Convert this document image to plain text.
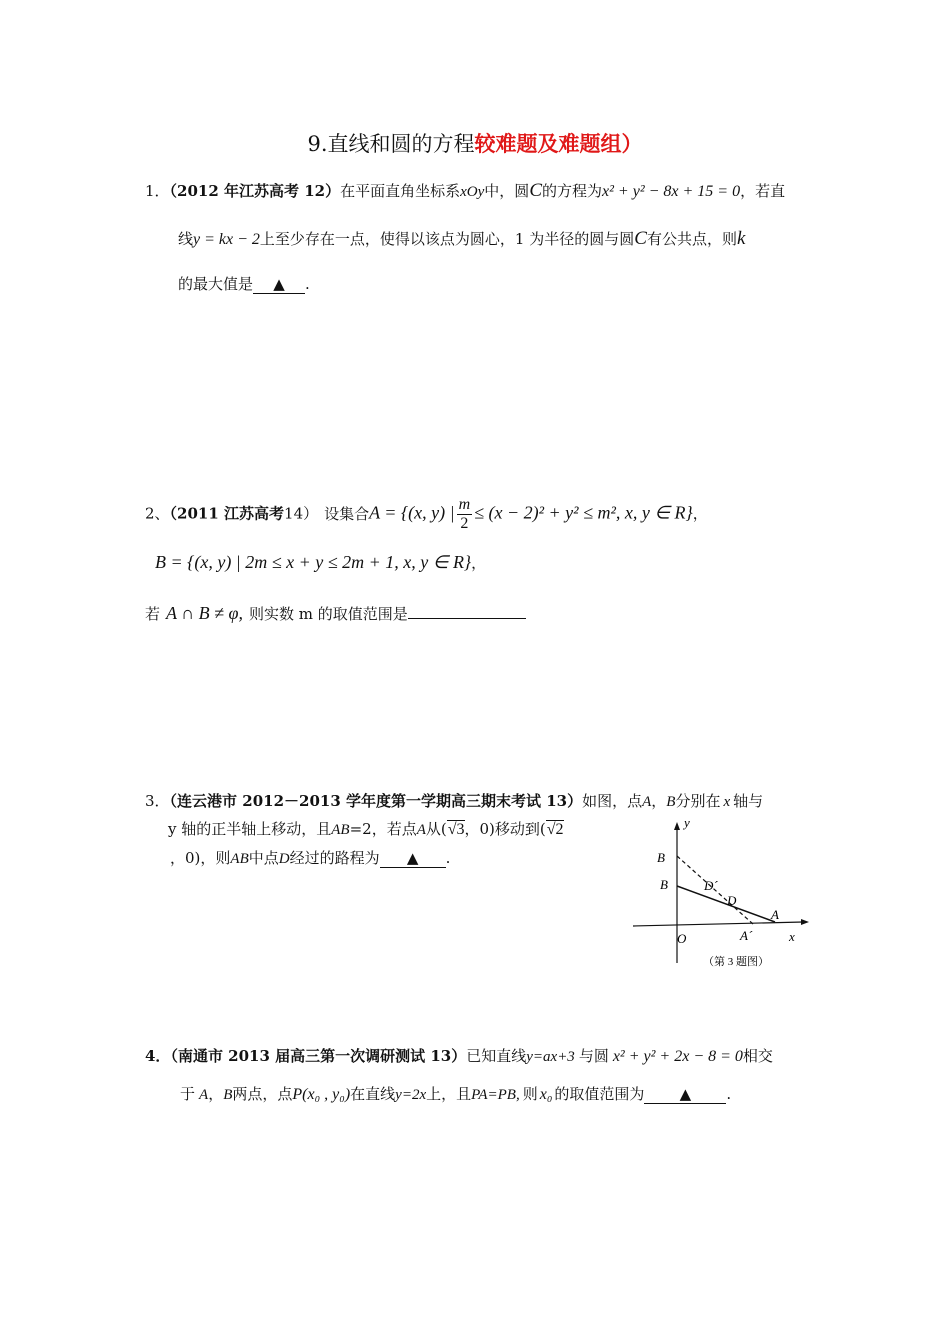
9.直线和圆的方程较难题及难题组）
1．（2012 年江苏高考 12）在平面直角坐标系xOy中，圆C的方程为x² + y² − 8x + 15 = 0，若直
线y = kx − 2上至少存在一点，使得以该点为圆心，1 为半径的圆与圆C有公共点，则k
的最大值是 ▲ .
2、（2011 江苏高考14） 设集合A = {(x, y) | $\frac{m}{2} \le (x - 2)^2 + y^2 \le m^2$, x, y ∈ R}，
B = {(x, y) | 2m ≤ x + y ≤ 2m + 1, x, y ∈ R}，
若 A ∩ B ≠ φ, 则实数 m 的取值范围是
3．（连云港市 2012－2013 学年度第一学期高三期末考试 13）如图，点A，B分别在 x 轴与
y 轴的正半轴上移动，且AB=2，若点A从(√3，0)移动到(√2
，0)，则AB中点D经过的路程为 ▲ .
y
x
O
B
B	D´
D
A
A´
（第 3 题图）
4．（南通市 2013 届高三第一次调研测试 13）已知直线y=ax+3 与圆 x² + y² + 2x − 8 = 0相交
于 A，B两点，点P(x₀ , y₀)在直线y=2x上，且PA=PB, 则 x₀ 的取值范围为 ▲ .
